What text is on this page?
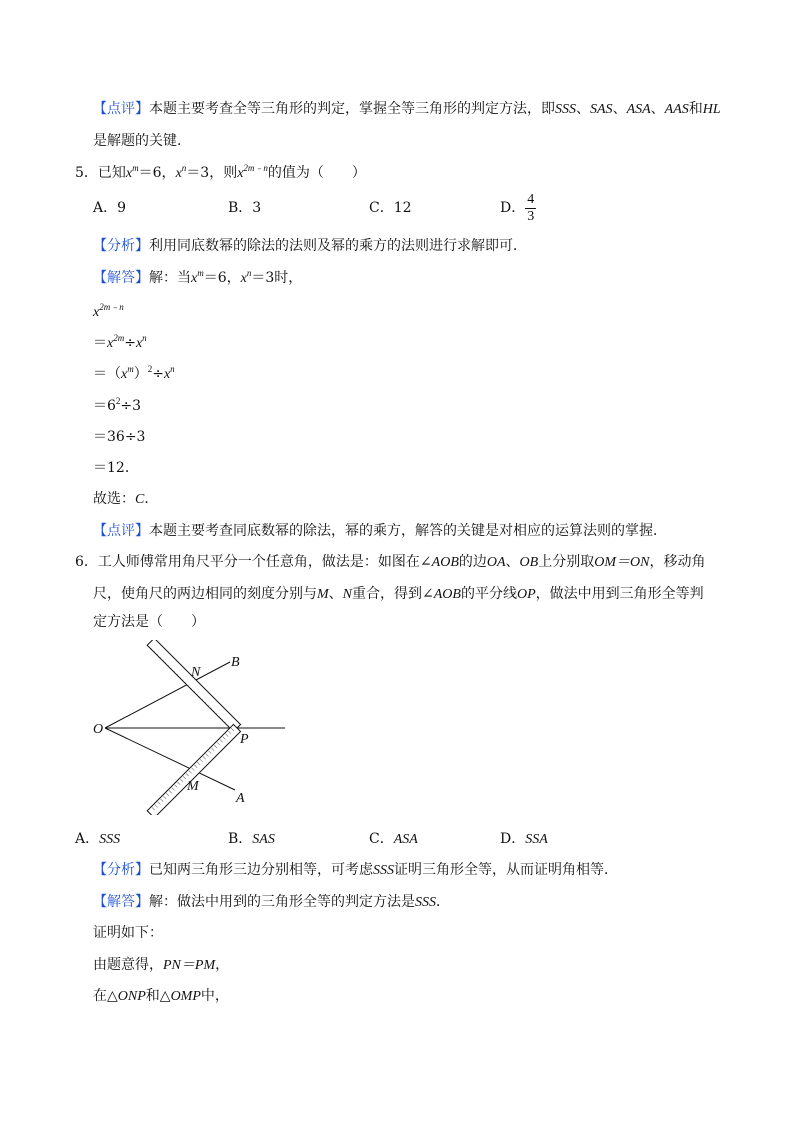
【点评】本题主要考查全等三角形的判定，掌握全等三角形的判定方法，即SSS、SAS、ASA、AAS和HL
是解题的关键．
5．已知$x^m=6$，$x^n=3$，则$x^{2m﹣n}$的值为（　　）
A．9	B．3	C．12	D． $\frac{4}{3}$
【分析】利用同底数幂的除法的法则及幂的乘方的法则进行求解即可．
【解答】解：当$x^m=6$，$x^n=3$时，
$x^{2m﹣n}$
$=x^{2m}\div x^n$
$=(x^m)^2\div x^n$
$=6^2\div 3$
＝36÷3
＝12．
故选：C．
【点评】本题主要考查同底数幂的除法，幂的乘方，解答的关键是对相应的运算法则的掌握．
6．工人师傅常用角尺平分一个任意角，做法是：如图在∠AOB的边OA、OB上分别取OM＝ON，移动角
尺，使角尺的两边相同的刻度分别与M、N重合，得到∠AOB的平分线OP，做法中用到三角形全等判
定方法是（　　）
B
N
O
P
M
A
A．SSS	B．SAS	C．ASA	D．SSA
【分析】已知两三角形三边分别相等，可考虑SSS证明三角形全等，从而证明角相等．
【解答】解：做法中用到的三角形全等的判定方法是SSS．
证明如下：
由题意得，PN＝PM，
在△ONP和△OMP中，
